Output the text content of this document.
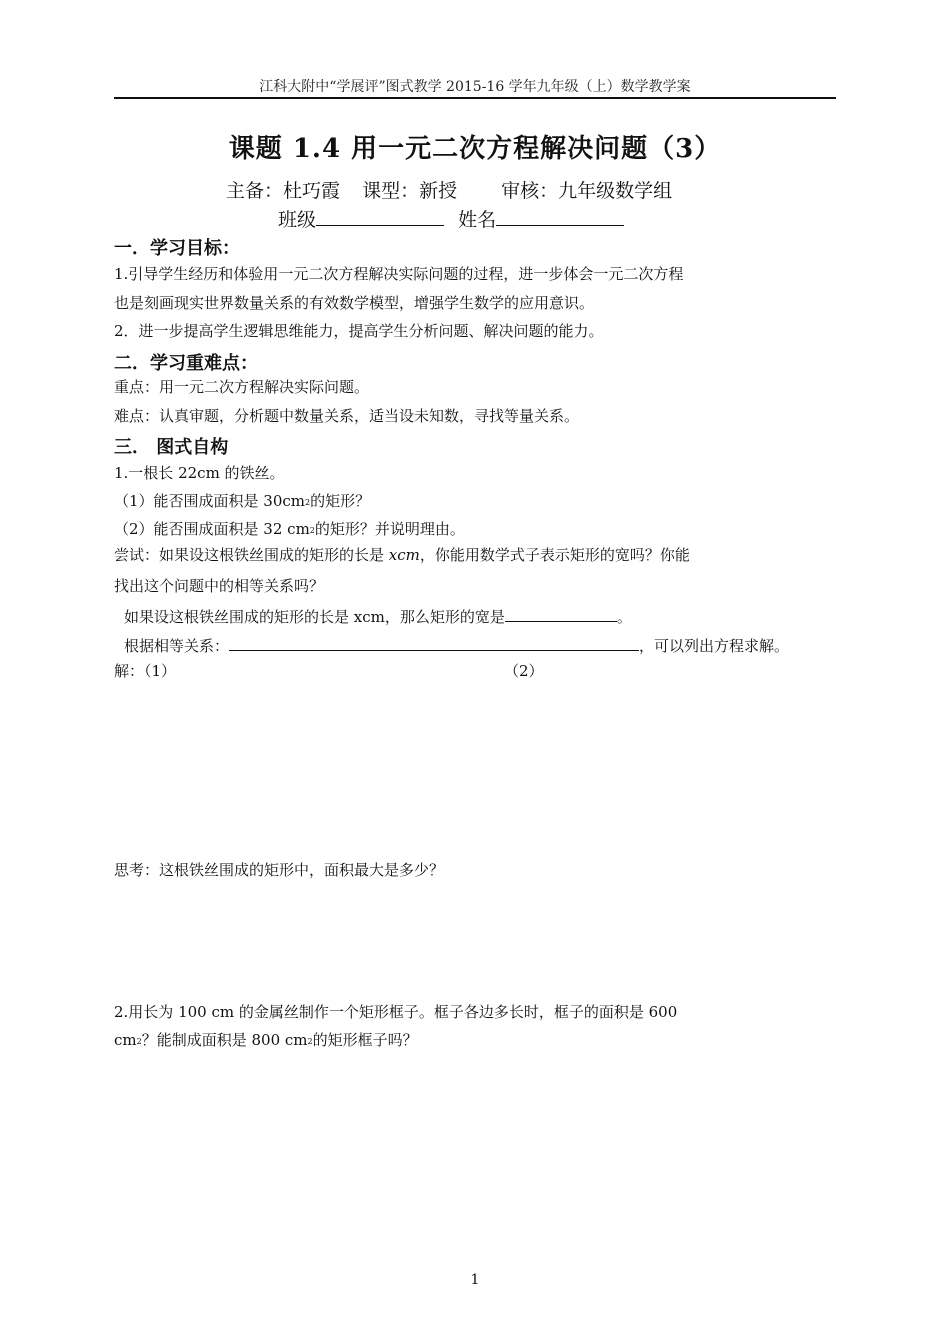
江科大附中“学展评”图式教学 2015-16 学年九年级（上）数学教学案
课题 1.4 用一元二次方程解决问题（3）
主备：杜巧霞 课型：新授 审核：九年级数学组
班级	姓名
一．学习目标：
1.引导学生经历和体验用一元二次方程解决实际问题的过程，进一步体会一元二次方程
也是刻画现实世界数量关系的有效数学模型，增强学生数学的应用意识。
2．进一步提高学生逻辑思维能力，提高学生分析问题、解决问题的能力。
二．学习重难点：
重点：用一元二次方程解决实际问题。
难点：认真审题，分析题中数量关系，适当设未知数，寻找等量关系。
三． 图式自构
1.一根长 22cm 的铁丝。
（1）能否围成面积是 $30cm^2$的矩形？
（2）能否围成面积是 32 $cm^2$的矩形？并说明理由。
尝试：如果设这根铁丝围成的矩形的长是 xcm，你能用数学式子表示矩形的宽吗？你能
找出这个问题中的相等关系吗？
如果设这根铁丝围成的矩形的长是 xcm，那么矩形的宽是	。
根据相等关系：	，可以列出方程求解。
解：（1）	（2）
思考：这根铁丝围成的矩形中，面积最大是多少？
2.用长为 100 cm 的金属丝制作一个矩形框子。框子各边多长时，框子的面积是 600
$cm^2$？能制成面积是 800 $cm^2$的矩形框子吗？
1
